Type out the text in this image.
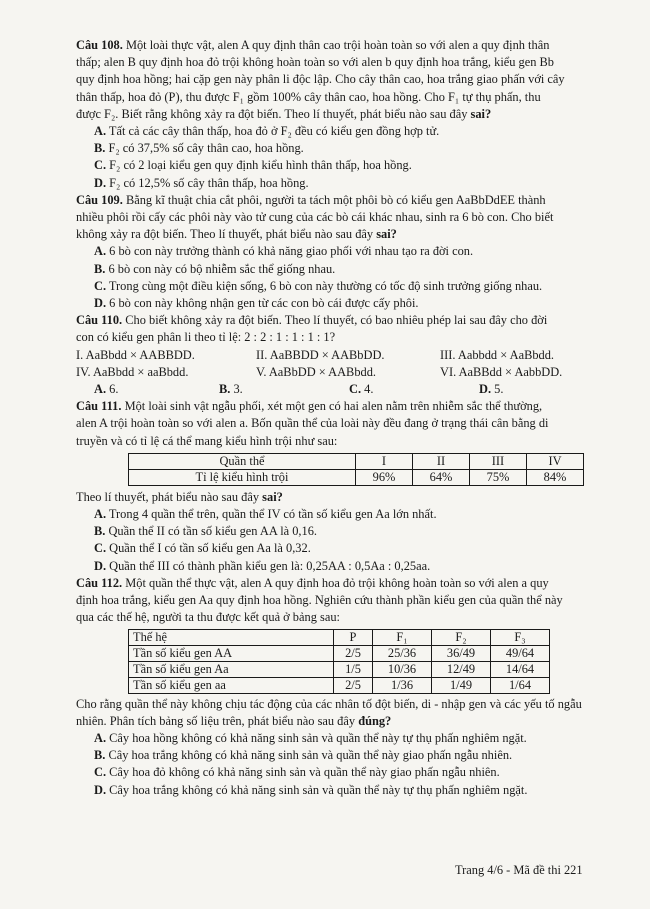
Câu 108. Một loài thực vật, alen A quy định thân cao trội hoàn toàn so với alen a quy định thân

thấp; alen B quy định hoa đỏ trội không hoàn toàn so với alen b quy định hoa trắng, kiểu gen Bb

quy định hoa hồng; hai cặp gen này phân li độc lập. Cho cây thân cao, hoa trắng giao phấn với cây

thân thấp, hoa đỏ (P), thu được F₁ gồm 100% cây thân cao, hoa hồng. Cho F₁ tự thụ phấn, thu

được F₂. Biết rằng không xảy ra đột biến. Theo lí thuyết, phát biểu nào sau đây sai?

A. Tất cả các cây thân thấp, hoa đỏ ở F₂ đều có kiểu gen đồng hợp tử.

B. F₂ có 37,5% số cây thân cao, hoa hồng.

C. F₂ có 2 loại kiểu gen quy định kiểu hình thân thấp, hoa hồng.

D. F₂ có 12,5% số cây thân thấp, hoa hồng.

Câu 109. Bằng kĩ thuật chia cắt phôi, người ta tách một phôi bò có kiểu gen AaBbDdEE thành

nhiều phôi rồi cấy các phôi này vào tử cung của các bò cái khác nhau, sinh ra 6 bò con. Cho biết

không xảy ra đột biến. Theo lí thuyết, phát biểu nào sau đây sai?

A. 6 bò con này trưởng thành có khả năng giao phối với nhau tạo ra đời con.

B. 6 bò con này có bộ nhiễm sắc thể giống nhau.

C. Trong cùng một điều kiện sống, 6 bò con này thường có tốc độ sinh trưởng giống nhau.

D. 6 bò con này không nhận gen từ các con bò cái được cấy phôi.

Câu 110. Cho biết không xảy ra đột biến. Theo lí thuyết, có bao nhiêu phép lai sau đây cho đời

con có kiểu gen phân li theo tỉ lệ: 2 : 2 : 1 : 1 : 1 : 1?

I. AaBbdd × AABBDD.	II. AaBBDD × AABbDD.	III. Aabbdd × AaBbdd.
IV. AaBbdd × aaBbdd.	V. AaBbDD × AABbdd.	VI. AaBBdd × AabbDD.
A. 6.	B. 3.	C. 4.	D. 5.

Câu 111. Một loài sinh vật ngẫu phối, xét một gen có hai alen nằm trên nhiễm sắc thể thường,

alen A trội hoàn toàn so với alen a. Bốn quần thể của loài này đều đang ở trạng thái cân bằng di

truyền và có tỉ lệ cá thể mang kiểu hình trội như sau:

Quần thể	I	II	III	IV
Tỉ lệ kiểu hình trội	96%	64%	75%	84%

Theo lí thuyết, phát biểu nào sau đây sai?

A. Trong 4 quần thể trên, quần thể IV có tần số kiểu gen Aa lớn nhất.

B. Quần thể II có tần số kiểu gen AA là 0,16.

C. Quần thể I có tần số kiểu gen Aa là 0,32.

D. Quần thể III có thành phần kiểu gen là: 0,25AA : 0,5Aa : 0,25aa.

Câu 112. Một quần thể thực vật, alen A quy định hoa đỏ trội không hoàn toàn so với alen a quy

định hoa trắng, kiểu gen Aa quy định hoa hồng. Nghiên cứu thành phần kiểu gen của quần thể này

qua các thế hệ, người ta thu được kết quả ở bảng sau:

Thế hệ	P	F₁	F₂	F₃
Tần số kiểu gen AA	2/5	25/36	36/49	49/64
Tần số kiểu gen Aa	1/5	10/36	12/49	14/64
Tần số kiểu gen aa	2/5	1/36	1/49	1/64

Cho rằng quần thể này không chịu tác động của các nhân tố đột biến, di - nhập gen và các yếu tố ngẫu

nhiên. Phân tích bảng số liệu trên, phát biểu nào sau đây đúng?

A. Cây hoa hồng không có khả năng sinh sản và quần thể này tự thụ phấn nghiêm ngặt.

B. Cây hoa trắng không có khả năng sinh sản và quần thể này giao phấn ngẫu nhiên.

C. Cây hoa đỏ không có khả năng sinh sản và quần thể này giao phấn ngẫu nhiên.

D. Cây hoa trắng không có khả năng sinh sản và quần thể này tự thụ phấn nghiêm ngặt.

Trang 4/6 - Mã đề thi 221
